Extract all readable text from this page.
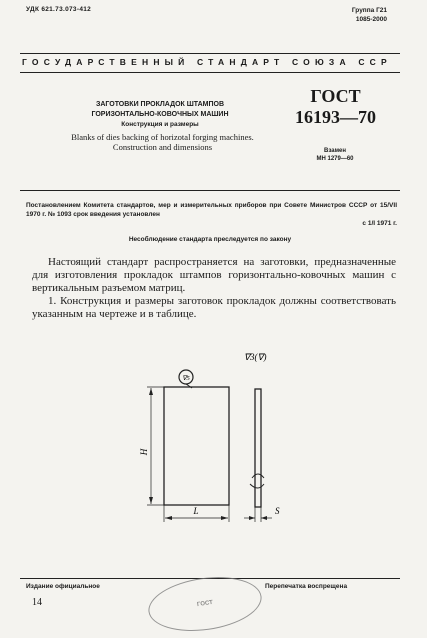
УДК 621.73.073-412	Группа Г21
1085-2000
ГОСУДАРСТВЕННЫЙ СТАНДАРТ СОЮЗА ССР
ЗАГОТОВКИ ПРОКЛАДОК ШТАМПОВ
ГОРИЗОНТАЛЬНО-КОВОЧНЫХ МАШИН
Конструкция и размеры
Blanks of dies backing of horizotal forging machines.
Construction and dimensions
ГОСТ
16193—70
Взамен
МН 1279—60
Постановлением Комитета стандартов, мер и измерительных приборов при Совете Министров СССР от 15/VII 1970 г. № 1093 срок введения установлен
с 1/I 1971 г.
Несоблюдение стандарта преследуется по закону

Настоящий стандарт распространяется на заготовки, предназначенные для изготовления прокладок штампов горизонтально-ковочных машин с вертикальным разъемом матриц.

1. Конструкция и размеры заготовок прокладок должны соответствовать указанным на чертеже и в таблице.

∇3(∇)
∇5
H
L	S
Издание официальное	Перепечатка воспрещена
14	ГОСТ
